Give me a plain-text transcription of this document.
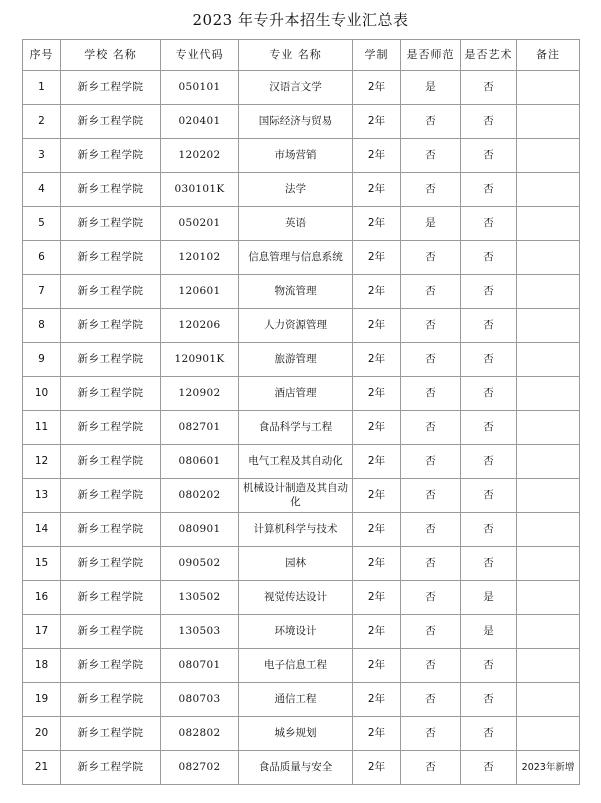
2023 年专升本招生专业汇总表
序号	学校 名称	专业代码	专业 名称	学制	是否师范	是否艺术	备注

1	新乡工程学院	050101	汉语言文学	2年	是	否	

2	新乡工程学院	020401	国际经济与贸易	2年	否	否	

3	新乡工程学院	120202	市场营销	2年	否	否	

4	新乡工程学院	030101K	法学	2年	否	否	

5	新乡工程学院	050201	英语	2年	是	否	

6	新乡工程学院	120102	信息管理与信息系统	2年	否	否	

7	新乡工程学院	120601	物流管理	2年	否	否	

8	新乡工程学院	120206	人力资源管理	2年	否	否	

9	新乡工程学院	120901K	旅游管理	2年	否	否	

10	新乡工程学院	120902	酒店管理	2年	否	否	

11	新乡工程学院	082701	食品科学与工程	2年	否	否	

12	新乡工程学院	080601	电气工程及其自动化	2年	否	否	

13	新乡工程学院	080202	机械设计制造及其自动化	2年	否	否	

14	新乡工程学院	080901	计算机科学与技术	2年	否	否	

15	新乡工程学院	090502	园林	2年	否	否	

16	新乡工程学院	130502	视觉传达设计	2年	否	是	

17	新乡工程学院	130503	环境设计	2年	否	是	

18	新乡工程学院	080701	电子信息工程	2年	否	否	

19	新乡工程学院	080703	通信工程	2年	否	否	

20	新乡工程学院	082802	城乡规划	2年	否	否	

21	新乡工程学院	082702	食品质量与安全	2年	否	否	2023年新增
